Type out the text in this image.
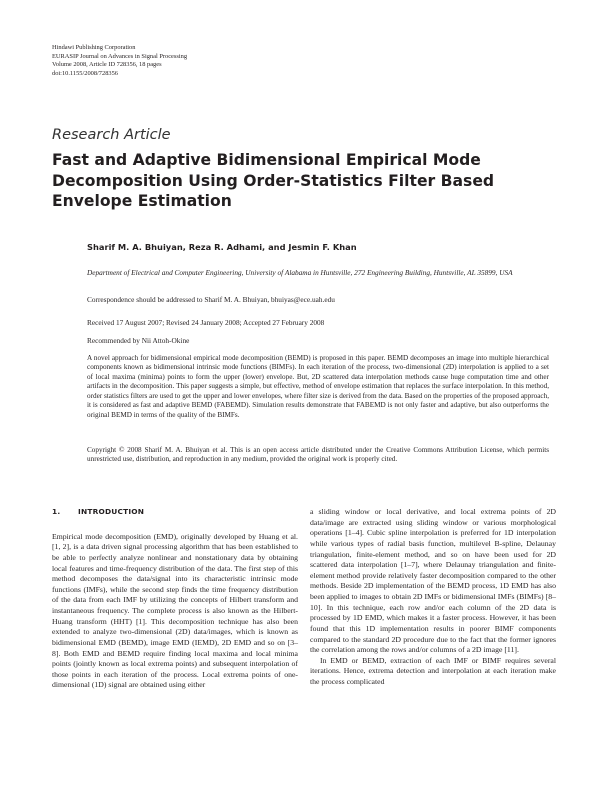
Hindawi Publishing Corporation
EURASIP Journal on Advances in Signal Processing
Volume 2008, Article ID 728356, 18 pages
doi:10.1155/2008/728356
Research Article
Fast and Adaptive Bidimensional Empirical Mode Decomposition Using Order-Statistics Filter Based Envelope Estimation
Sharif M. A. Bhuiyan, Reza R. Adhami, and Jesmin F. Khan
Department of Electrical and Computer Engineering, University of Alabama in Huntsville, 272 Engineering Building, Huntsville, AL 35899, USA
Correspondence should be addressed to Sharif M. A. Bhuiyan, bhuiyas@ece.uah.edu
Received 17 August 2007; Revised 24 January 2008; Accepted 27 February 2008
Recommended by Nii Attoh-Okine
A novel approach for bidimensional empirical mode decomposition (BEMD) is proposed in this paper. BEMD decomposes an image into multiple hierarchical components known as bidimensional intrinsic mode functions (BIMFs). In each iteration of the process, two-dimensional (2D) interpolation is applied to a set of local maxima (minima) points to form the upper (lower) envelope. But, 2D scattered data interpolation methods cause huge computation time and other artifacts in the decomposition. This paper suggests a simple, but effective, method of envelope estimation that replaces the surface interpolation. In this method, order statistics filters are used to get the upper and lower envelopes, where filter size is derived from the data. Based on the properties of the proposed approach, it is considered as fast and adaptive BEMD (FABEMD). Simulation results demonstrate that FABEMD is not only faster and adaptive, but also outperforms the original BEMD in terms of the quality of the BIMFs.
Copyright © 2008 Sharif M. A. Bhuiyan et al. This is an open access article distributed under the Creative Commons Attribution License, which permits unrestricted use, distribution, and reproduction in any medium, provided the original work is properly cited.
1. INTRODUCTION

Empirical mode decomposition (EMD), originally developed by Huang et al. [1, 2], is a data driven signal processing algorithm that has been established to be able to perfectly analyze nonlinear and nonstationary data by obtaining local features and time-frequency distribution of the data. The first step of this method decomposes the data/signal into its characteristic intrinsic mode functions (IMFs), while the second step finds the time frequency distribution of the data from each IMF by utilizing the concepts of Hilbert transform and instantaneous frequency. The complete process is also known as the Hilbert-Huang transform (HHT) [1]. This decomposition technique has also been extended to analyze two-dimensional (2D) data/images, which is known as bidimensional EMD (BEMD), image EMD (IEMD), 2D EMD and so on [3–8]. Both EMD and BEMD require finding local maxima and local minima points (jointly known as local extrema points) and subsequent interpolation of those points in each iteration of the process. Local extrema points of one-dimensional (1D) signal are obtained using either

a sliding window or local derivative, and local extrema points of 2D data/image are extracted using sliding window or various morphological operations [1–4]. Cubic spline interpolation is preferred for 1D interpolation while various types of radial basis function, multilevel B-spline, Delaunay triangulation, finite-element method, and so on have been used for 2D scattered data interpolation [1–7], where Delaunay triangulation and finite-element method provide relatively faster decomposition compared to the other methods. Beside 2D implementation of the BEMD process, 1D EMD has also been applied to images to obtain 2D IMFs or bidimensional IMFs (BIMFs) [8–10]. In this technique, each row and/or each column of the 2D data is processed by 1D EMD, which makes it a faster process. However, it has been found that this 1D implementation results in poorer BIMF components compared to the standard 2D procedure due to the fact that the former ignores the correlation among the rows and/or columns of a 2D image [11].

In EMD or BEMD, extraction of each IMF or BIMF requires several iterations. Hence, extrema detection and interpolation at each iteration make the process complicated
